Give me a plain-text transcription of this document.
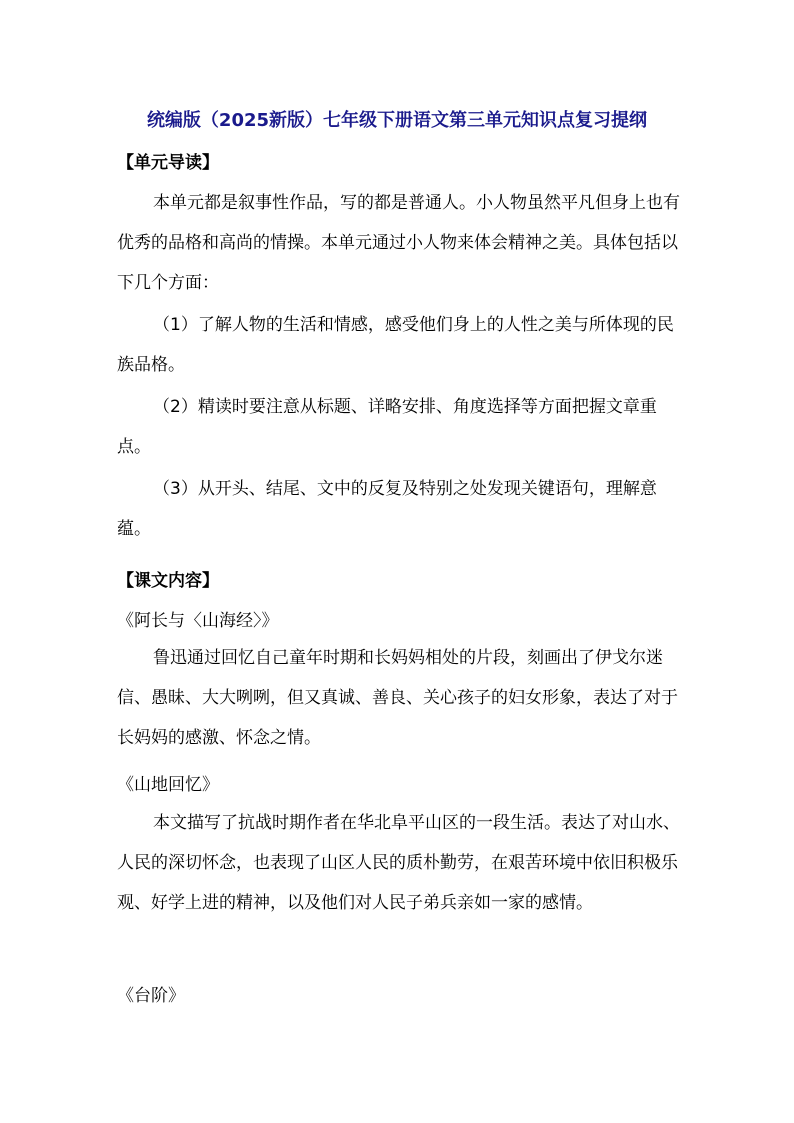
统编版（2025新版）七年级下册语文第三单元知识点复习提纲
【单元导读】

本单元都是叙事性作品，写的都是普通人。小人物虽然平凡但身上也有优秀的品格和高尚的情操。本单元通过小人物来体会精神之美。具体包括以下几个方面：

（1）了解人物的生活和情感，感受他们身上的人性之美与所体现的民族品格。

（2）精读时要注意从标题、详略安排、角度选择等方面把握文章重点。

（3）从开头、结尾、文中的反复及特别之处发现关键语句，理解意蕴。

【课文内容】
《阿长与〈山海经〉》

鲁迅通过回忆自己童年时期和长妈妈相处的片段，刻画出了伊戈尔迷信、愚昧、大大咧咧，但又真诚、善良、关心孩子的妇女形象，表达了对于长妈妈的感激、怀念之情。

《山地回忆》

本文描写了抗战时期作者在华北阜平山区的一段生活。表达了对山水、人民的深切怀念，也表现了山区人民的质朴勤劳，在艰苦环境中依旧积极乐观、好学上进的精神，以及他们对人民子弟兵亲如一家的感情。

《台阶》
